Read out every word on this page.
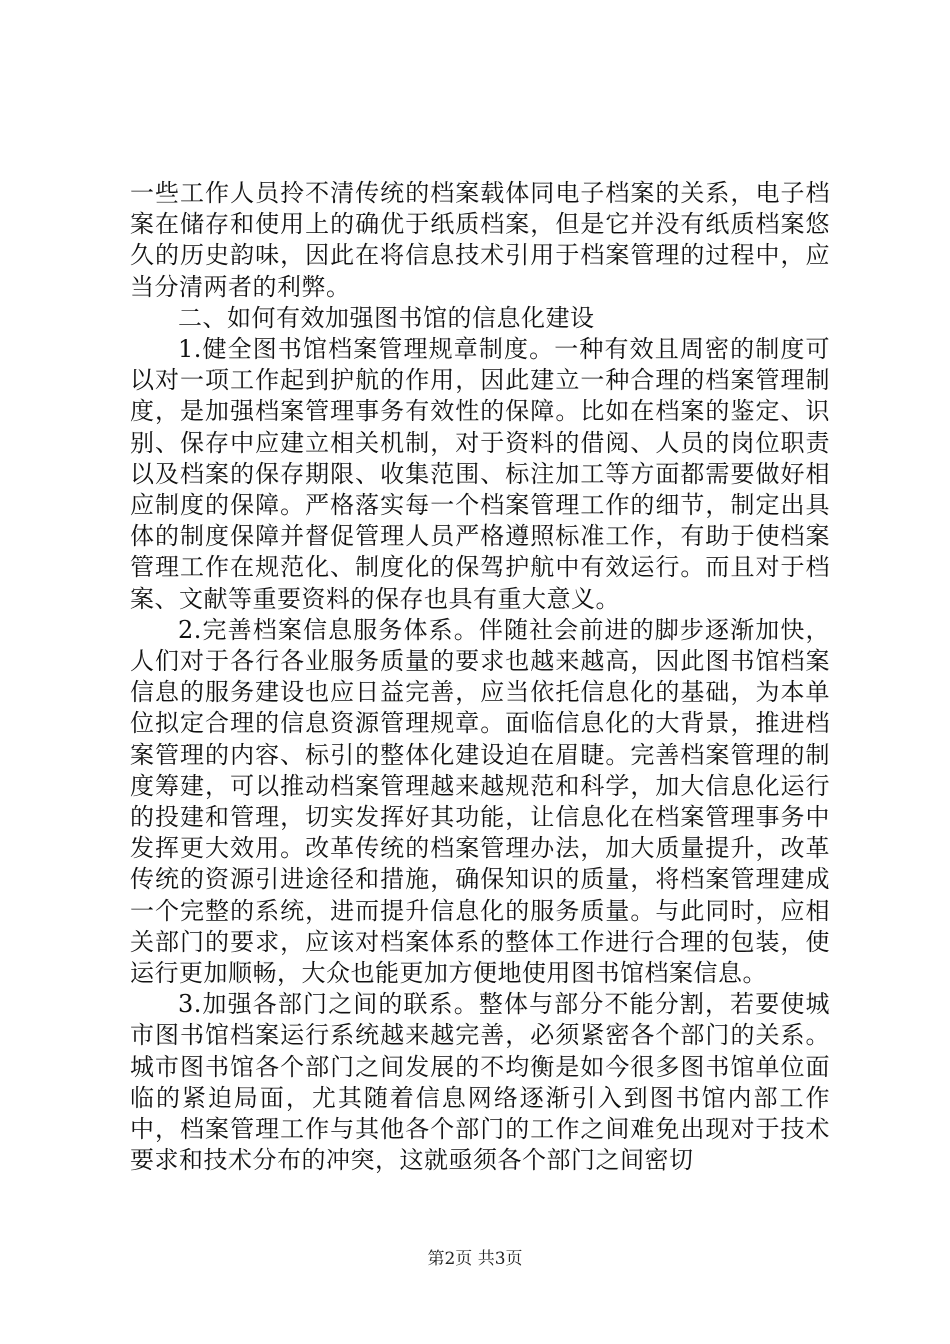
一些工作人员拎不清传统的档案载体同电子档案的关系，电子档案在储存和使用上的确优于纸质档案，但是它并没有纸质档案悠久的历史韵味，因此在将信息技术引用于档案管理的过程中，应当分清两者的利弊。

二、如何有效加强图书馆的信息化建设

1.健全图书馆档案管理规章制度。一种有效且周密的制度可以对一项工作起到护航的作用，因此建立一种合理的档案管理制度，是加强档案管理事务有效性的保障。比如在档案的鉴定、识别、保存中应建立相关机制，对于资料的借阅、人员的岗位职责以及档案的保存期限、收集范围、标注加工等方面都需要做好相应制度的保障。严格落实每一个档案管理工作的细节，制定出具体的制度保障并督促管理人员严格遵照标准工作，有助于使档案管理工作在规范化、制度化的保驾护航中有效运行。而且对于档案、文献等重要资料的保存也具有重大意义。

2.完善档案信息服务体系。伴随社会前进的脚步逐渐加快，人们对于各行各业服务质量的要求也越来越高，因此图书馆档案信息的服务建设也应日益完善，应当依托信息化的基础，为本单位拟定合理的信息资源管理规章。面临信息化的大背景，推进档案管理的内容、标引的整体化建设迫在眉睫。完善档案管理的制度筹建，可以推动档案管理越来越规范和科学，加大信息化运行的投建和管理，切实发挥好其功能，让信息化在档案管理事务中发挥更大效用。改革传统的档案管理办法，加大质量提升，改革传统的资源引进途径和措施，确保知识的质量，将档案管理建成一个完整的系统，进而提升信息化的服务质量。与此同时，应相关部门的要求，应该对档案体系的整体工作进行合理的包装，使运行更加顺畅，大众也能更加方便地使用图书馆档案信息。

3.加强各部门之间的联系。整体与部分不能分割，若要使城市图书馆档案运行系统越来越完善，必须紧密各个部门的关系。城市图书馆各个部门之间发展的不均衡是如今很多图书馆单位面临的紧迫局面，尤其随着信息网络逐渐引入到图书馆内部工作中，档案管理工作与其他各个部门的工作之间难免出现对于技术要求和技术分布的冲突，这就亟须各个部门之间密切

第2页 共3页
